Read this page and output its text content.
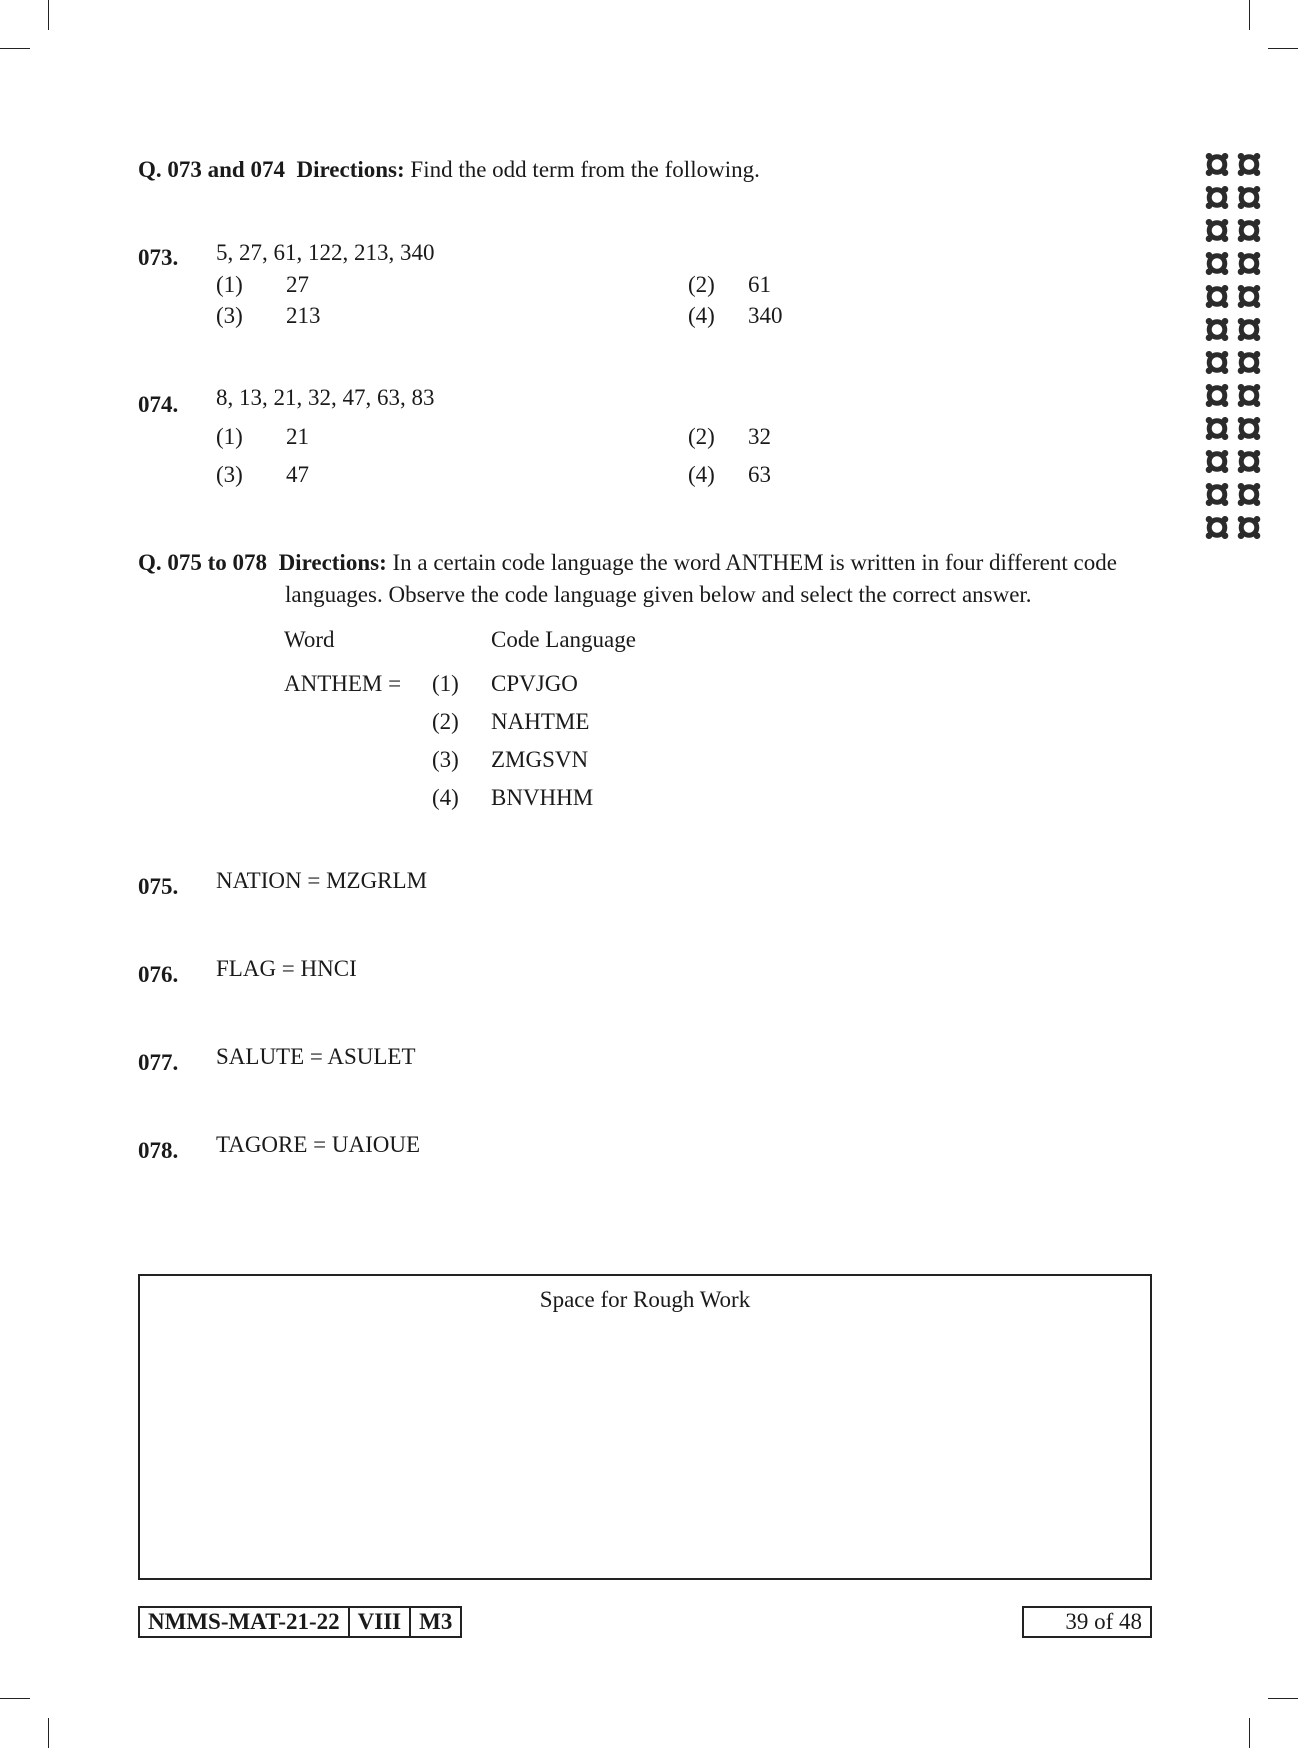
Q. 073 and 074 Directions: Find the odd term from the following.
073. 5, 27, 61, 122, 213, 340
(1) 27	(2) 61
(3) 213	(4) 340
074. 8, 13, 21, 32, 47, 63, 83
(1) 21	(2) 32
(3) 47	(4) 63
Q. 075 to 078 Directions: In a certain code language the word ANTHEM is written in four different code
languages. Observe the code language given below and select the correct answer.
Word	Code Language
ANTHEM = (1) CPVJGO
(2) NAHTME
(3) ZMGSVN
(4) BNVHHM
075. NATION = MZGRLM
076. FLAG = HNCI
077. SALUTE = ASULET
078. TAGORE = UAIOUE
Space for Rough Work
NMMS-MAT-21-22 VIII M3	39 of 48
